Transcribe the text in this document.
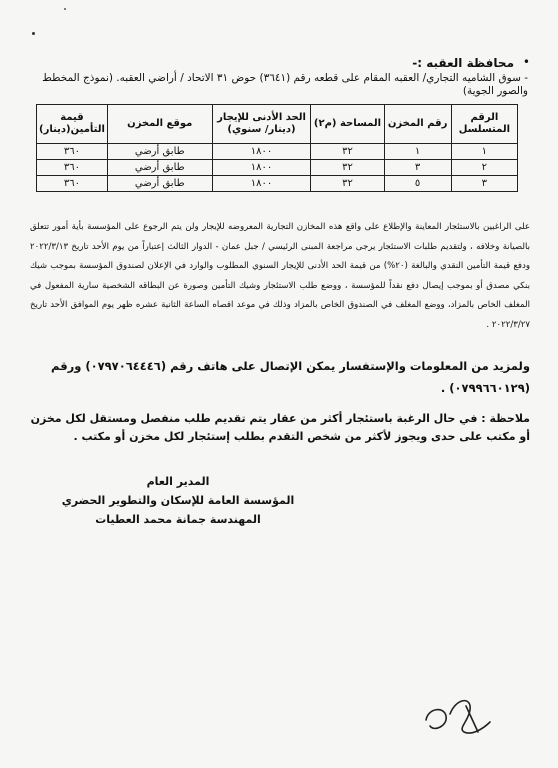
•
محافظة العقبه :-
- سوق الشاميه التجاري/ العقبه المقام على قطعه رقم (٣٦٤١) حوض ٣١ الاتحاد / أراضي العقبه. (نموذج المخطط والصور الجوية)
الرقم المتسلسل	رقم المخزن	المساحة (م٢)	الحد الأدنى للإيجار (دينار/ سنوي)	موقع المخزن	قيمة التأمين(دينار)
١	١	٣٢	١٨٠٠	طابق أرضي	٣٦٠
٢	٣	٣٢	١٨٠٠	طابق أرضي	٣٦٠
٣	٥	٣٢	١٨٠٠	طابق أرضي	٣٦٠
على الراغبين بالاستئجار المعاينة والإطلاع على واقع هذه المخازن التجارية المعروضه للإيجار ولن يتم الرجوع على المؤسسة بأية أمور تتعلق بالصيانة وخلافه ، ولتقديم طلبات الاستئجار يرجى مراجعة المبنى الرئيسي / جبل عمان - الدوار الثالث إعتباراً من يوم الأحد تاريخ ٢٠٢٢/٣/١٣ ودفع قيمة التأمين النقدي والبالغة (٢٠%) من قيمة الحد الأدنى للإيجار السنوي المطلوب والوارد في الإعلان لصندوق المؤسسة بموجب شيك بنكي مصدق أو بموجب إيصال دفع نقداً للمؤسسة ، ووضع طلب الاستئجار وشيك التأمين وصورة عن البطاقه الشخصية سارية المفعول في المغلف الخاص بالمزاد، ووضع المغلف في الصندوق الخاص بالمزاد وذلك في موعد اقصاه الساعة الثانية عشره ظهر يوم الموافق الأحد تاريخ ٢٠٢٢/٣/٢٧ .
ولمزيد من المعلومات والإستفسار يمكن الإتصال على هاتف رقم (٠٧٩٧٠٦٤٤٤٦) ورقم (٠٧٩٩٦٦٠١٢٩) .
ملاحظة : في حال الرغبة باستئجار أكثر من عقار يتم تقديم طلب منفصل ومستقل لكل مخزن أو مكتب على حدى ويجوز لأكثر من شخص التقدم بطلب إستئجار لكل مخزن أو مكتب .
المدير العام
المؤسسة العامة للإسكان والتطوير الحضري
المهندسة جمانة محمد العطيات
